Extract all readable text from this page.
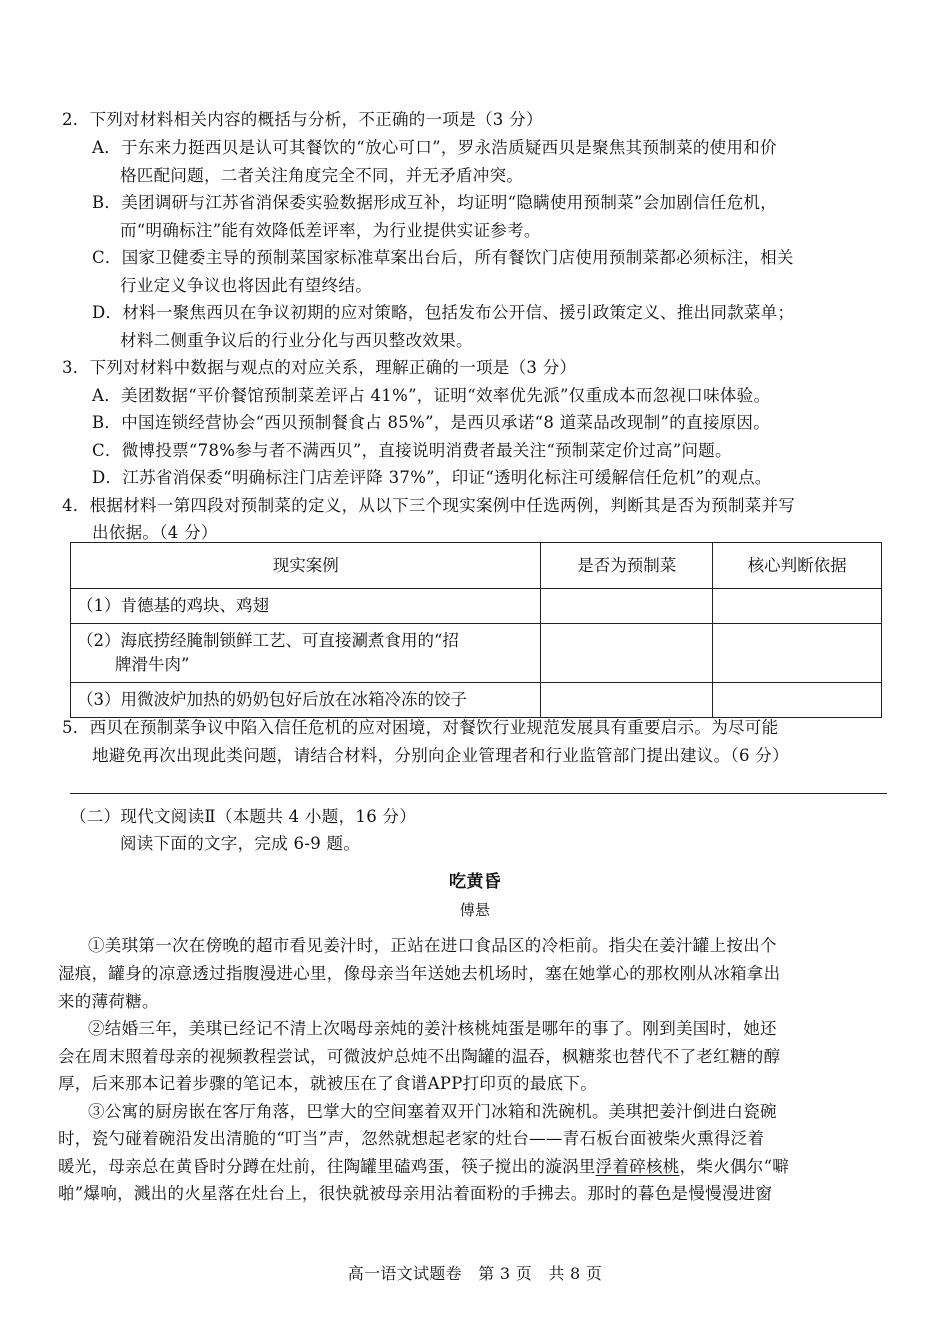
2．下列对材料相关内容的概括与分析，不正确的一项是（3 分）
A．于东来力挺西贝是认可其餐饮的“放心可口”，罗永浩质疑西贝是聚焦其预制菜的使用和价
格匹配问题，二者关注角度完全不同，并无矛盾冲突。
B．美团调研与江苏省消保委实验数据形成互补，均证明“隐瞒使用预制菜”会加剧信任危机，
而“明确标注”能有效降低差评率，为行业提供实证参考。
C．国家卫健委主导的预制菜国家标准草案出台后，所有餐饮门店使用预制菜都必须标注，相关
行业定义争议也将因此有望终结。
D．材料一聚焦西贝在争议初期的应对策略，包括发布公开信、援引政策定义、推出同款菜单；
材料二侧重争议后的行业分化与西贝整改效果。
3．下列对材料中数据与观点的对应关系，理解正确的一项是（3 分）
A．美团数据“平价餐馆预制菜差评占 41%”，证明“效率优先派”仅重成本而忽视口味体验。
B．中国连锁经营协会“西贝预制餐食占 85%”，是西贝承诺“8 道菜品改现制”的直接原因。
C．微博投票“78%参与者不满西贝”，直接说明消费者最关注“预制菜定价过高”问题。
D．江苏省消保委“明确标注门店差评降 37%”，印证“透明化标注可缓解信任危机”的观点。
4．根据材料一第四段对预制菜的定义，从以下三个现实案例中任选两例，判断其是否为预制菜并写
出依据。（4 分）
现实案例	是否为预制菜	核心判断依据
（1）肯德基的鸡块、鸡翅		

（2）海底捞经腌制锁鲜工艺、可直接涮煮食用的“招
牌滑牛肉”		

（3）用微波炉加热的奶奶包好后放在冰箱冷冻的饺子		
5．西贝在预制菜争议中陷入信任危机的应对困境，对餐饮行业规范发展具有重要启示。为尽可能
地避免再次出现此类问题，请结合材料，分别向企业管理者和行业监管部门提出建议。（6 分）
（二）现代文阅读Ⅱ（本题共 4 小题，16 分）
阅读下面的文字，完成 6-9 题。
吃黄昏
傅悬
①美琪第一次在傍晚的超市看见姜汁时，正站在进口食品区的冷柜前。指尖在姜汁罐上按出个
湿痕，罐身的凉意透过指腹漫进心里，像母亲当年送她去机场时，塞在她掌心的那枚刚从冰箱拿出
来的薄荷糖。
②结婚三年，美琪已经记不清上次喝母亲炖的姜汁核桃炖蛋是哪年的事了。刚到美国时，她还
会在周末照着母亲的视频教程尝试，可微波炉总炖不出陶罐的温吞，枫糖浆也替代不了老红糖的醇
厚，后来那本记着步骤的笔记本，就被压在了食谱APP打印页的最底下。
③公寓的厨房嵌在客厅角落，巴掌大的空间塞着双开门冰箱和洗碗机。美琪把姜汁倒进白瓷碗
时，瓷勺碰着碗沿发出清脆的“叮当”声，忽然就想起老家的灶台——青石板台面被柴火熏得泛着
暖光，母亲总在黄昏时分蹲在灶前，往陶罐里磕鸡蛋，筷子搅出的漩涡里浮着碎核桃，柴火偶尔“噼
啪”爆响，溅出的火星落在灶台上，很快就被母亲用沾着面粉的手拂去。那时的暮色是慢慢漫进窗
高一语文试题卷　第 3 页　共 8 页
